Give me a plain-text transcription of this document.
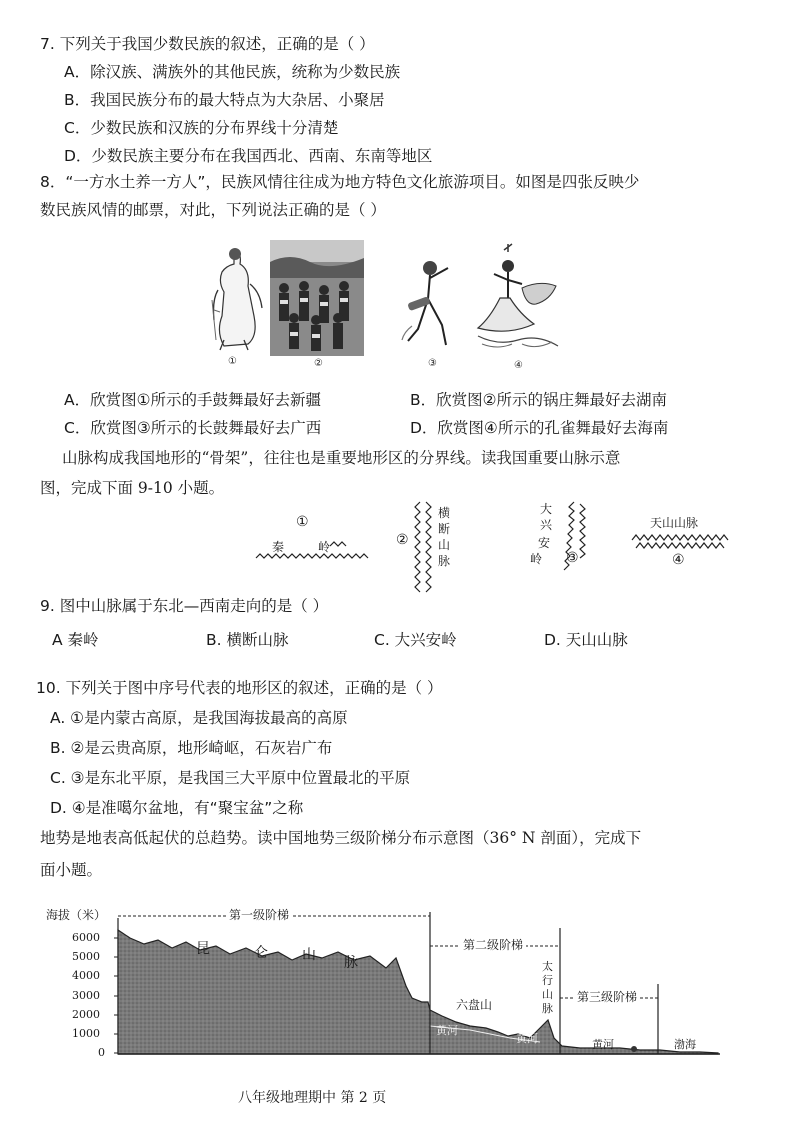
7. 下列关于我国少数民族的叙述，正确的是（ ）
A．除汉族、满族外的其他民族，统称为少数民族
B．我国民族分布的最大特点为大杂居、小聚居
C．少数民族和汉族的分布界线十分清楚
D．少数民族主要分布在我国西北、西南、东南等地区
8．“一方水土养一方人”，民族风情往往成为地方特色文化旅游项目。如图是四张反映少
数民族风情的邮票，对此，下列说法正确的是（ ）
①	②	③	④
A．欣赏图①所示的手鼓舞最好去新疆	B．欣赏图②所示的锅庄舞最好去湖南
C．欣赏图③所示的长鼓舞最好去广西	D．欣赏图④所示的孔雀舞最好去海南
山脉构成我国地形的“骨架”，往往也是重要地形区的分界线。读我国重要山脉示意
图，完成下面 9-10 小题。
①
秦	岭	②
横
断
山
脉
大
兴
安
岭 ③
天山山脉
④
9. 图中山脉属于东北—西南走向的是（ ）
A 秦岭	B. 横断山脉	C. 大兴安岭	D. 天山山脉
10. 下列关于图中序号代表的地形区的叙述，正确的是（ ）
A. ①是内蒙古高原，是我国海拔最高的高原
B. ②是云贵高原，地形崎岖，石灰岩广布
C. ③是东北平原，是我国三大平原中位置最北的平原
D. ④是准噶尔盆地，有“聚宝盆”之称
地势是地表高低起伏的总趋势。读中国地势三级阶梯分布示意图（36° N 剖面），完成下
面小题。
海拔（米）
6000
5000
4000
3000
2000
1000
0
第一级阶梯
第二级阶梯
第三级阶梯
昆	仑 山 脉
六盘山
太
行
山
脉
黄河
黄河	黄河	渤海
八年级地理期中 第 2 页
